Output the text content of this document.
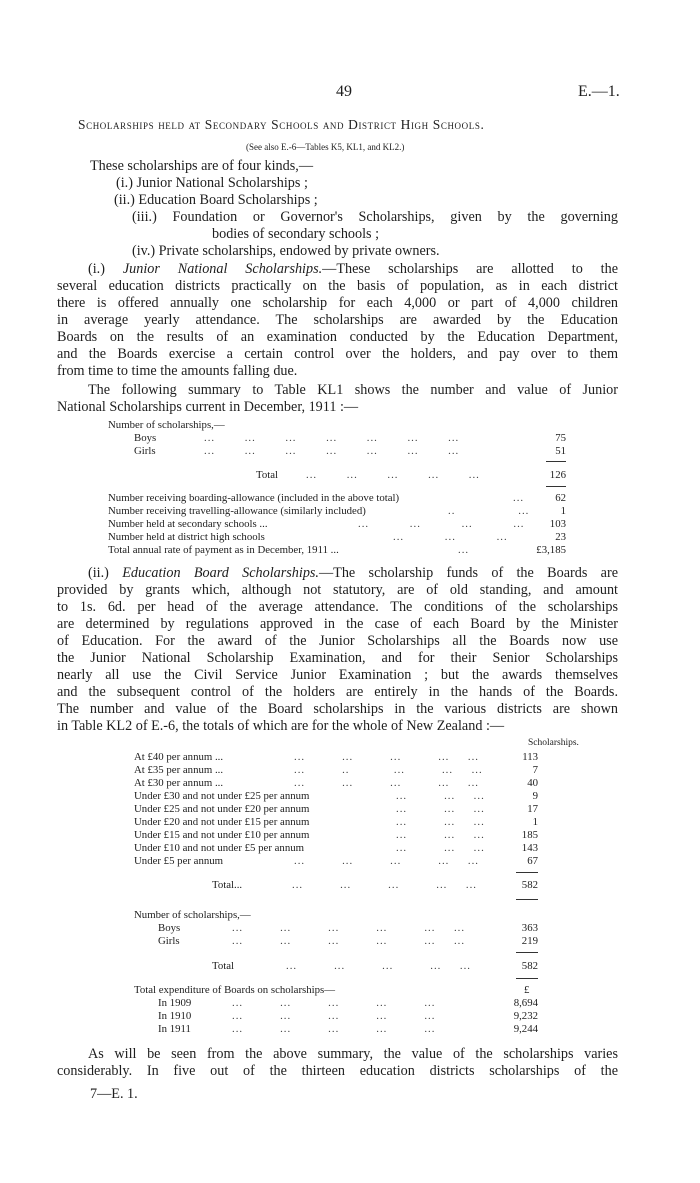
49	E.—1.
Scholarships held at Secondary Schools and District High Schools.
(See also E.-6—Tables K5, KL1, and KL2.)
These scholarships are of four kinds,—
(i.) Junior National Scholarships ;
(ii.) Education Board Scholarships ;
(iii.) Foundation or Governor's Scholarships, given by the governing
bodies of secondary schools ;
(iv.) Private scholarships, endowed by private owners.
(i.) Junior National Scholarships.—These scholarships are allotted to the
several education districts practically on the basis of population, as in each district
there is offered annually one scholarship for each 4,000 or part of 4,000 children
in average yearly attendance. The scholarships are awarded by the Education
Boards on the results of an examination conducted by the Education Department,
and the Boards exercise a certain control over the holders, and pay over to them
from time to time the amounts falling due.
The following summary to Table KL1 shows the number and value of Junior
National Scholarships current in December, 1911 :—
Number of scholarships,—
Boys	...        ...        ...        ...        ...        ...        ...	75
Girls	...        ...        ...        ...        ...        ...        ...	51
Total	...        ...        ...        ...        ...	126
Number receiving boarding-allowance (included in the above total)	...	62
Number receiving travelling-allowance (similarly included)	..                 ...	1
Number held at secondary schools ...	...           ...           ...           ... 103
Number held at district high schools	...           ...           ...	23
Total annual rate of payment as in December, 1911 ...	...	£3,185
(ii.) Education Board Scholarships.—The scholarship funds of the Boards are
provided by grants which, although not statutory, are of old standing, and amount
to 1s. 6d. per head of the average attendance. The conditions of the scholarships
are determined by regulations approved in the case of each Board by the Minister
of Education. For the award of the Junior Scholarships all the Boards now use
the Junior National Scholarship Examination, and for their Senior Scholarships
nearly all use the Civil Service Junior Examination ; but the awards themselves
and the subsequent control of the holders are entirely in the hands of the Boards.
The number and value of the Board scholarships in the various districts are shown
in Table KL2 of E.-6, the totals of which are for the whole of New Zealand :—
Scholarships.
At £40 per annum ...	...          ...          ...          ...     ...	113
At £35 per annum ...	...          ..            ...          ...     ...	7
At £30 per annum ...	...          ...          ...          ...     ...	40
Under £30 and not under £25 per annum	...          ...     ...	9
Under £25 and not under £20 per annum	...          ...     ...	17
Under £20 and not under £15 per annum	...          ...     ...	1
Under £15 and not under £10 per annum	...          ...     ...	185
Under £10 and not under £5 per annum	...          ...     ...	143
Under £5 per annum	...          ...          ...          ...     ...	67
Total...	...          ...          ...          ...     ...	582
Number of scholarships,—
Boys	...          ...          ...          ...          ...     ...	363
Girls	...          ...          ...          ...          ...     ...	219
Total	...          ...          ...          ...     ...	582
Total expenditure of Boards on scholarships—	£
In 1909	...          ...          ...          ...          ...	8,694
In 1910	...          ...          ...          ...          ...	9,232
In 1911	...          ...          ...          ...          ...	9,244
As will be seen from the above summary, the value of the scholarships varies
considerably. In five out of the thirteen education districts scholarships of the
7—E. 1.
